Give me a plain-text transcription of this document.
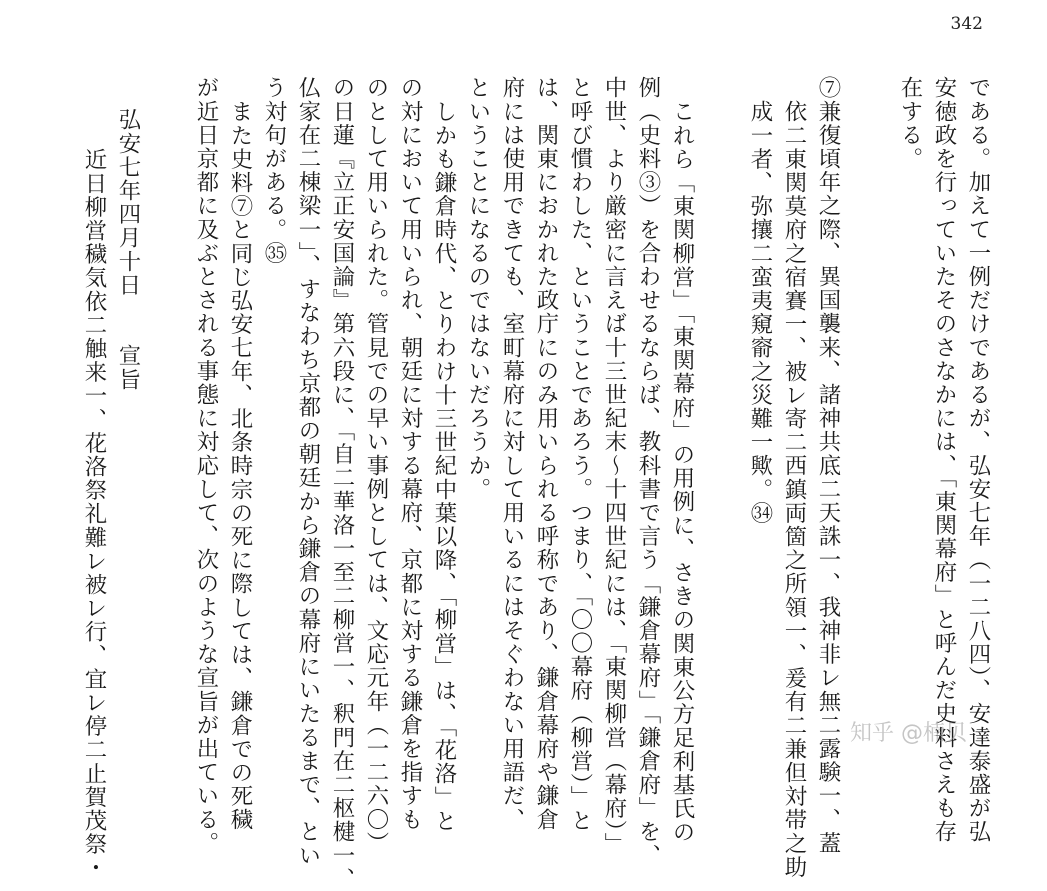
342
在する。 安徳政を行っていたそのさなかには、「東関幕府」と呼んだ史料さえも存 である。加えて一例だけであるが、弘安七年（一二八四）、安達泰盛が弘
⑦兼復頃年之際、異国襲来、諸神共底二天誅一、我神非レ無二露験一、蓋
依二東関莫府之宿賽一、被レ寄二西鎮両箇之所領一、爰有二兼但対帯之助
成一者、弥攘二蛮夷窺窬之災難一歟。㉞
これら「東関柳営」「東関幕府」の用例に、さきの関東公方足利基氏の
例（史料③）を合わせるならば、教科書で言う「鎌倉幕府」「鎌倉府」を、
中世、より厳密に言えば十三世紀末〜十四世紀には、「東関柳営（幕府）」
と呼び慣わした、ということであろう。つまり、「〇〇幕府（柳営）」と
は、関東におかれた政庁にのみ用いられる呼称であり、鎌倉幕府や鎌倉
府には使用できても、室町幕府に対して用いるにはそぐわない用語だ、
ということになるのではないだろうか。
しかも鎌倉時代、とりわけ十三世紀中葉以降、「柳営」は、「花洛」と
の対において用いられ、朝廷に対する幕府、京都に対する鎌倉を指すも
のとして用いられた。管見での早い事例としては、文応元年（一二六〇）
の日蓮『立正安国論』第六段に、「自二華洛一至二柳営一、釈門在二枢楗一、
仏家在二棟梁一」、すなわち京都の朝廷から鎌倉の幕府にいたるまで、とい
う対句がある。㉟
また史料⑦と同じ弘安七年、北条時宗の死に際しては、鎌倉での死穢
が近日京都に及ぶとされる事態に対応して、次のような宣旨が出ている。
弘安七年四月十日　　宣旨
近日柳営穢気依二触来一、花洛祭礼難レ被レ行、宜レ停二止賀茂祭・	知乎 @楠贝
